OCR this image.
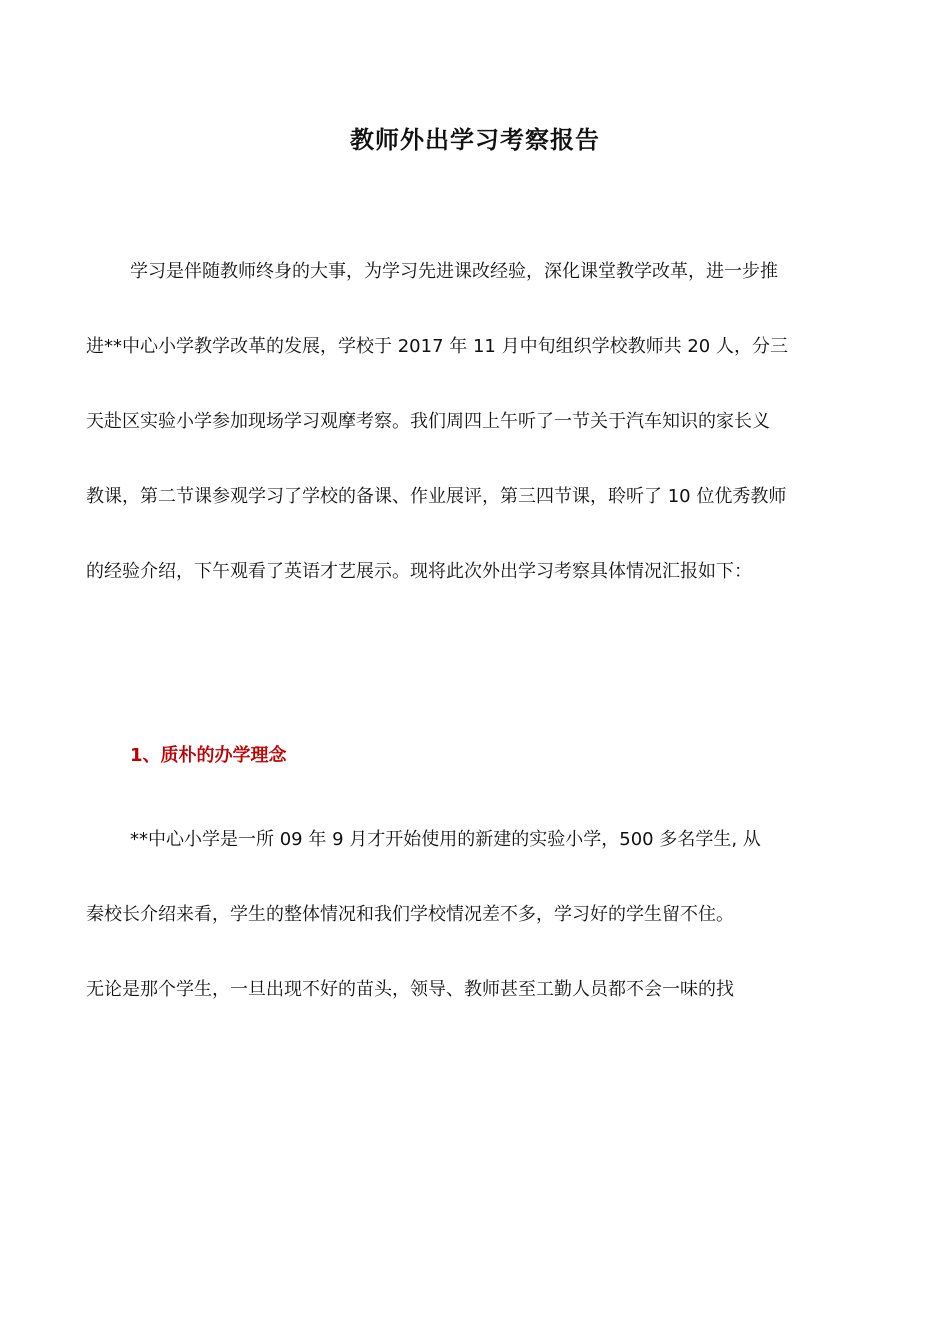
教师外出学习考察报告
学习是伴随教师终身的大事，为学习先进课改经验，深化课堂教学改革，进一步推
进**中心小学教学改革的发展，学校于 2017 年 11 月中旬组织学校教师共 20 人，分三
天赴区实验小学参加现场学习观摩考察。我们周四上午听了一节关于汽车知识的家长义
教课，第二节课参观学习了学校的备课、作业展评，第三四节课，聆听了 10 位优秀教师
的经验介绍，下午观看了英语才艺展示。现将此次外出学习考察具体情况汇报如下：
1、质朴的办学理念
**中心小学是一所 09 年 9 月才开始使用的新建的实验小学，500 多名学生, 从
秦校长介绍来看，学生的整体情况和我们学校情况差不多，学习好的学生留不住。
无论是那个学生，一旦出现不好的苗头，领导、教师甚至工勤人员都不会一味的找
